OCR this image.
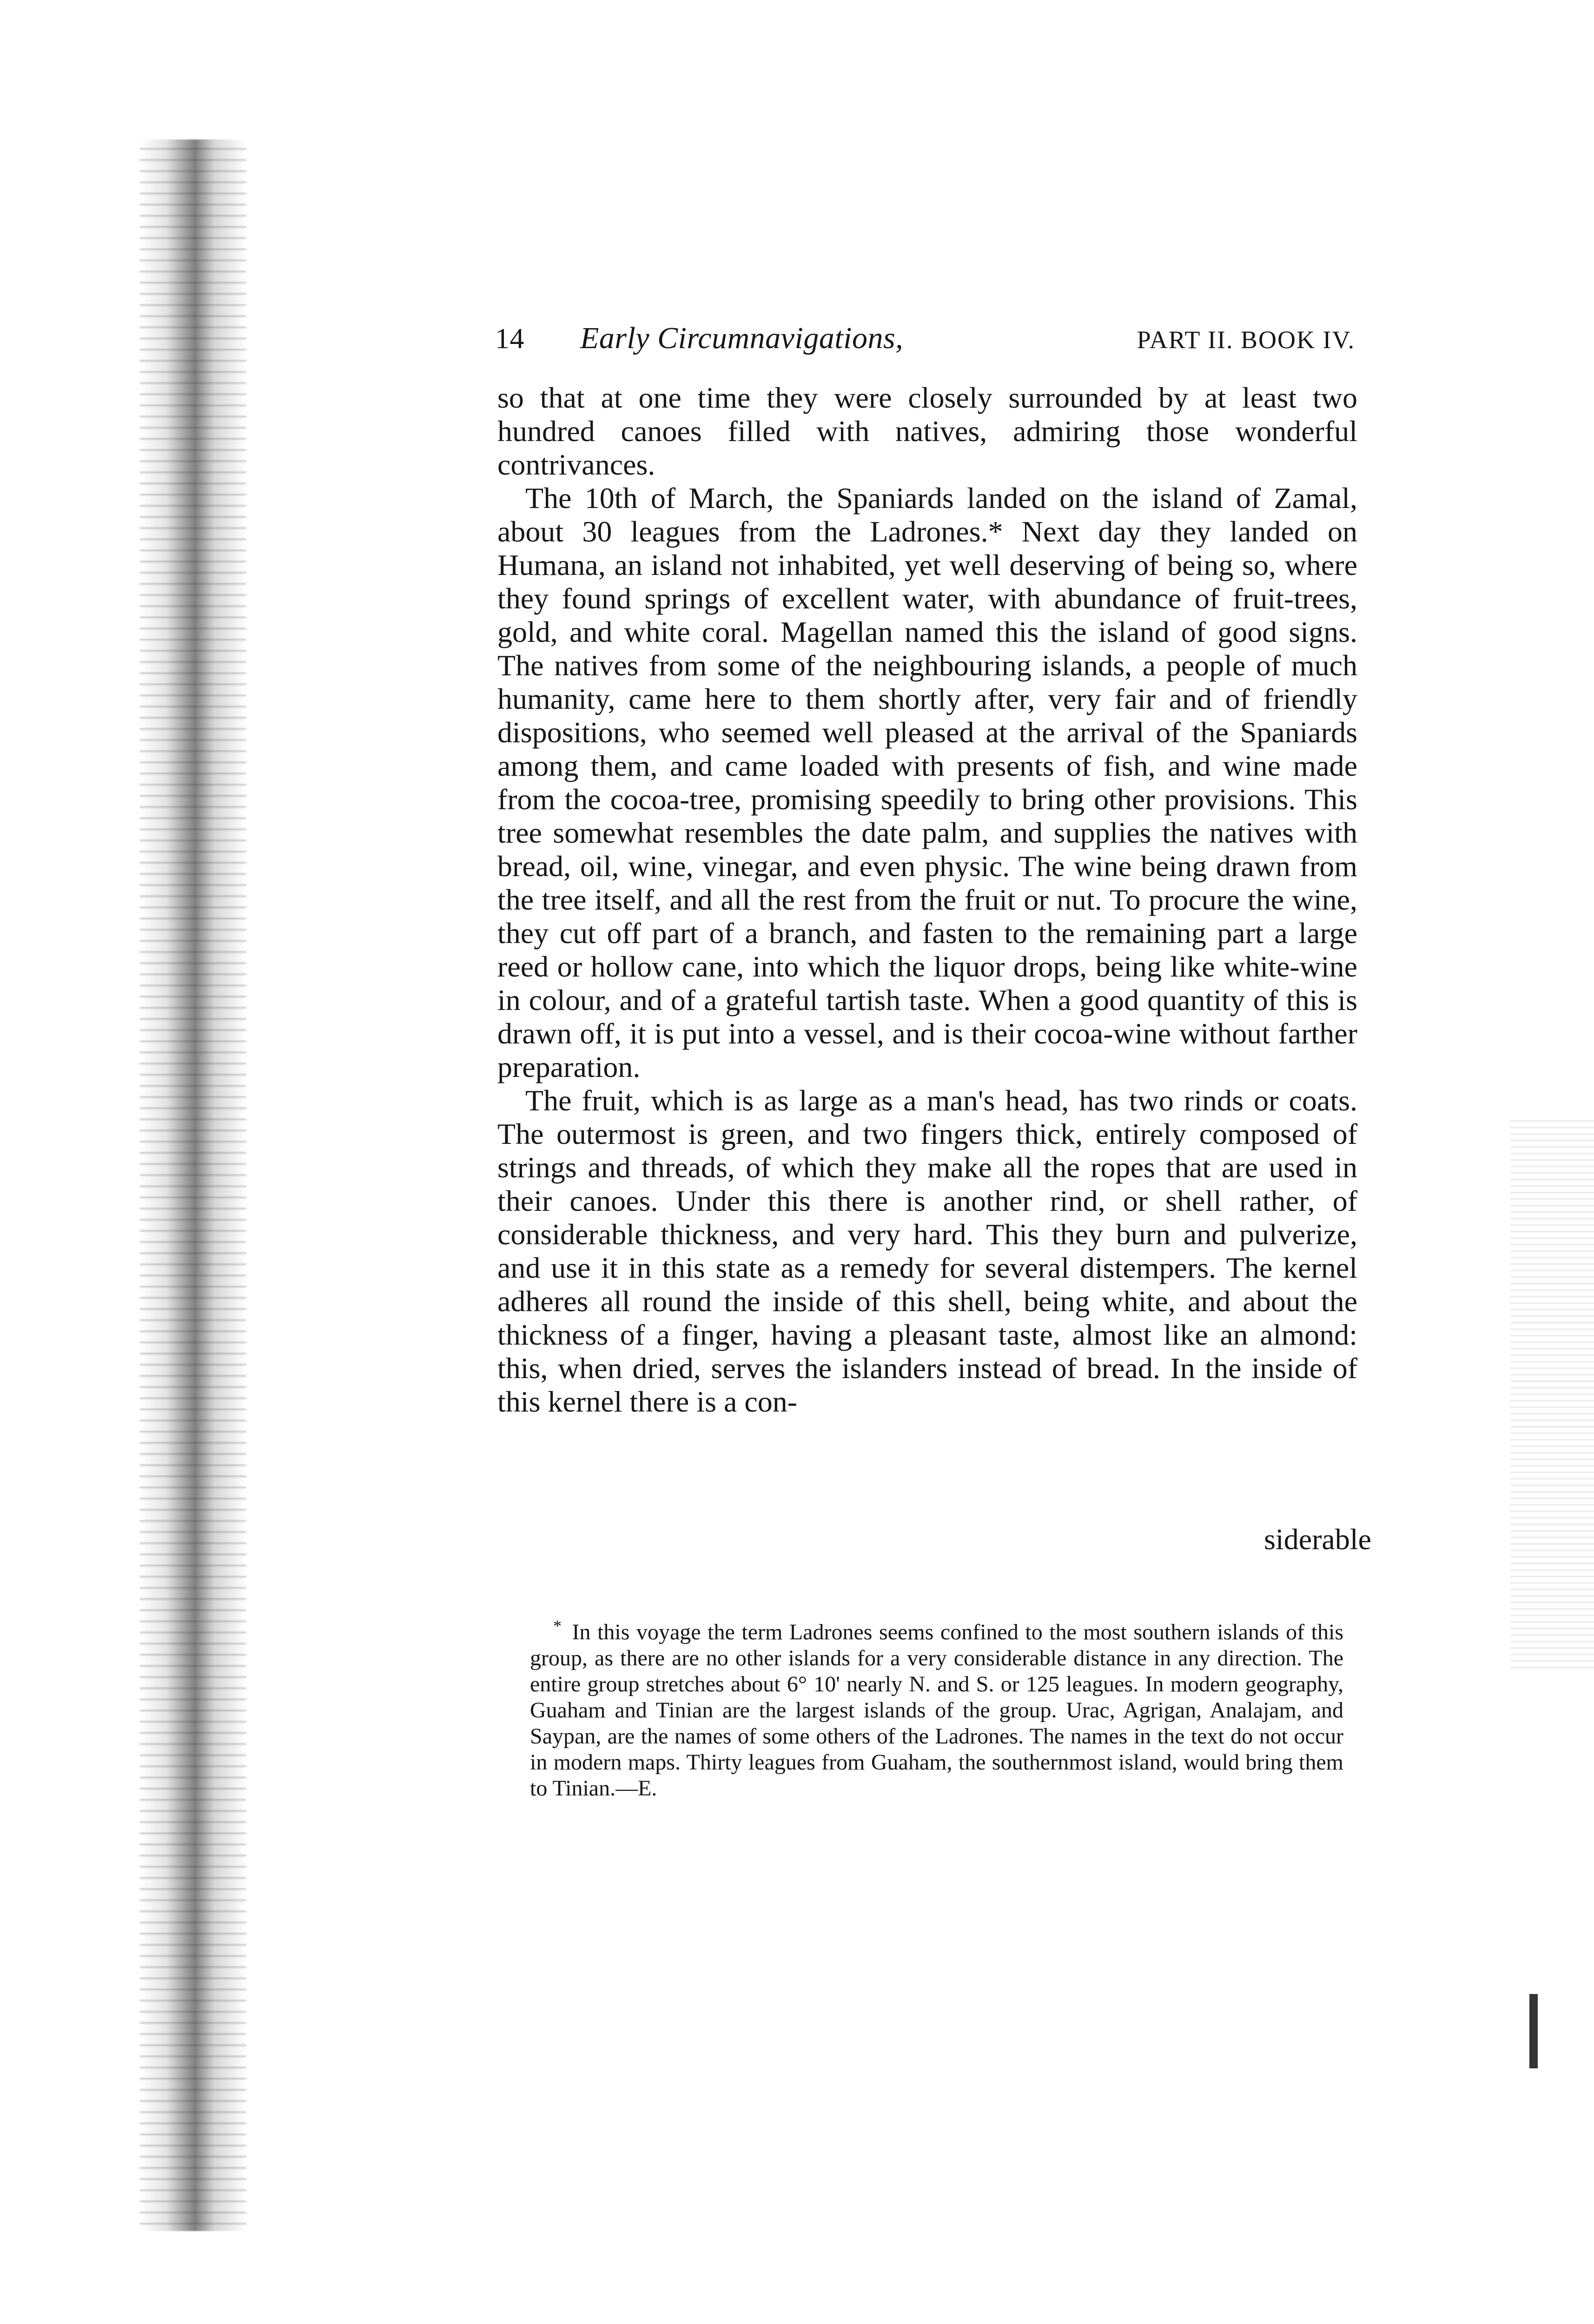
14 Early Circumnavigations,	PART II. BOOK IV.

so that at one time they were closely surrounded by at least two hundred canoes filled with natives, admiring those wonderful contrivances.

The 10th of March, the Spaniards landed on the island of Zamal, about 30 leagues from the Ladrones.* Next day they landed on Humana, an island not inhabited, yet well deserving of being so, where they found springs of excellent water, with abundance of fruit-trees, gold, and white coral. Magellan named this the island of good signs. The natives from some of the neighbouring islands, a people of much humanity, came here to them shortly after, very fair and of friendly dispositions, who seemed well pleased at the arrival of the Spaniards among them, and came loaded with presents of fish, and wine made from the cocoa-tree, promising speedily to bring other provisions. This tree somewhat resembles the date palm, and supplies the natives with bread, oil, wine, vinegar, and even physic. The wine being drawn from the tree itself, and all the rest from the fruit or nut. To procure the wine, they cut off part of a branch, and fasten to the remaining part a large reed or hollow cane, into which the liquor drops, being like white-wine in colour, and of a grateful tartish taste. When a good quantity of this is drawn off, it is put into a vessel, and is their cocoa-wine without farther preparation.

The fruit, which is as large as a man's head, has two rinds or coats. The outermost is green, and two fingers thick, entirely composed of strings and threads, of which they make all the ropes that are used in their canoes. Under this there is another rind, or shell rather, of considerable thickness, and very hard. This they burn and pulverize, and use it in this state as a remedy for several distempers. The kernel adheres all round the inside of this shell, being white, and about the thickness of a finger, having a pleasant taste, almost like an almond: this, when dried, serves the islanders instead of bread. In the inside of this kernel there is a con-

siderable

* In this voyage the term Ladrones seems confined to the most southern islands of this group, as there are no other islands for a very considerable distance in any direction. The entire group stretches about 6° 10' nearly N. and S. or 125 leagues. In modern geography, Guaham and Tinian are the largest islands of the group. Urac, Agrigan, Analajam, and Saypan, are the names of some others of the Ladrones. The names in the text do not occur in modern maps. Thirty leagues from Guaham, the southernmost island, would bring them to Tinian.—E.
